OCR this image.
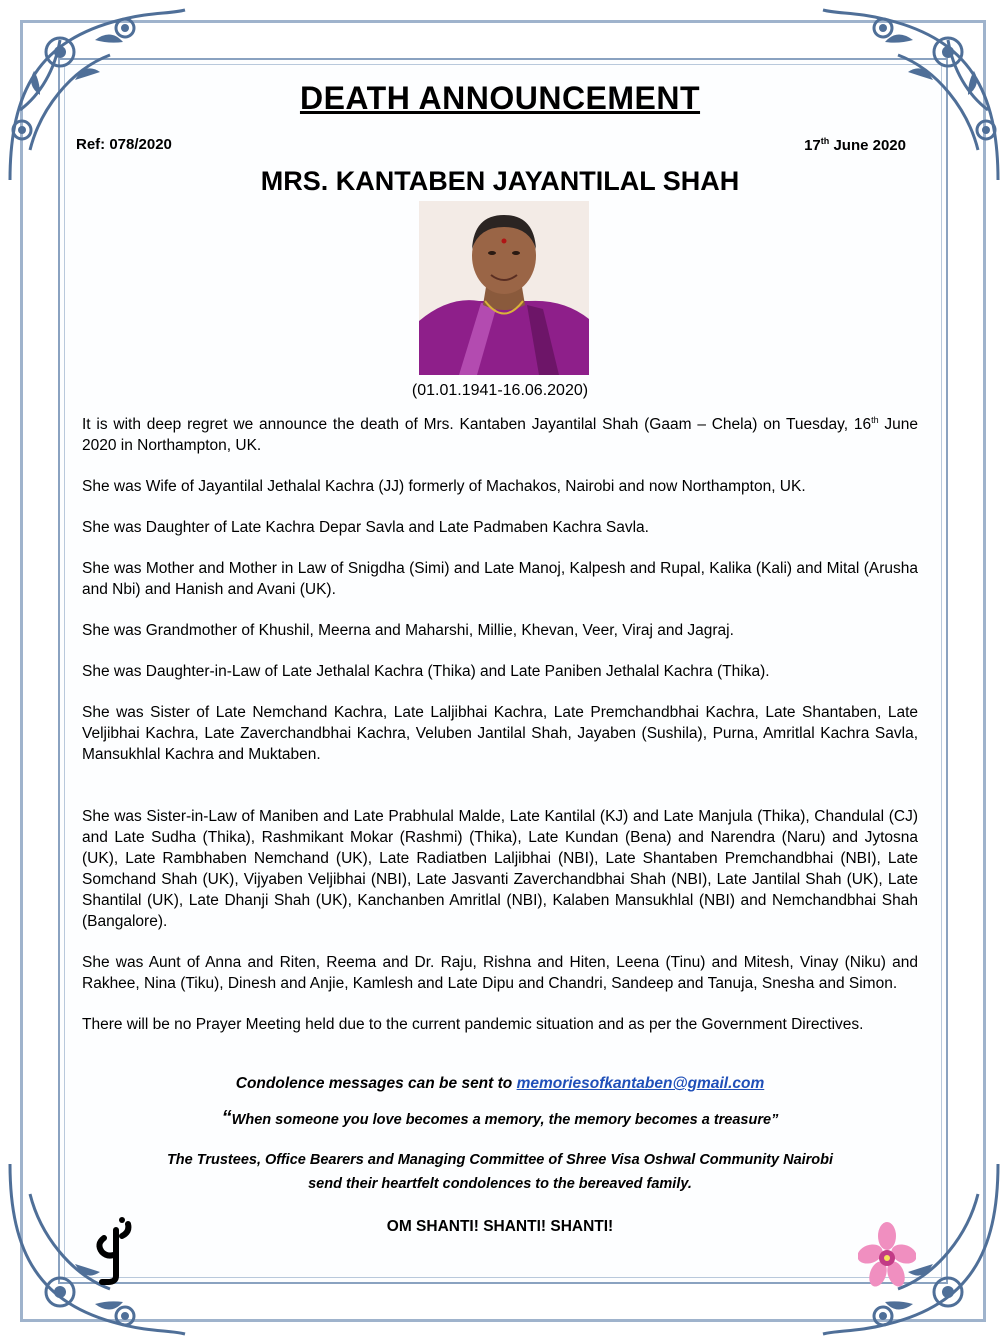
DEATH ANNOUNCEMENT
Ref: 078/2020	17th June 2020
MRS. KANTABEN JAYANTILAL SHAH
(01.01.1941-16.06.2020)

It is with deep regret we announce the death of Mrs. Kantaben Jayantilal Shah (Gaam – Chela) on Tuesday, 16th June 2020 in Northampton, UK.

She was Wife of Jayantilal Jethalal Kachra (JJ) formerly of Machakos, Nairobi and now Northampton, UK.

She was Daughter of Late Kachra Depar Savla and Late Padmaben Kachra Savla.

She was Mother and Mother in Law of Snigdha (Simi) and Late Manoj, Kalpesh and Rupal, Kalika (Kali) and Mital (Arusha and Nbi) and Hanish and Avani (UK).

She was Grandmother of Khushil, Meerna and Maharshi, Millie, Khevan, Veer, Viraj and Jagraj.

She was Daughter-in-Law of Late Jethalal Kachra (Thika) and Late Paniben Jethalal Kachra (Thika).

She was Sister of Late Nemchand Kachra, Late Laljibhai Kachra, Late Premchandbhai Kachra, Late Shantaben, Late Veljibhai Kachra, Late Zaverchandbhai Kachra, Veluben Jantilal Shah, Jayaben (Sushila), Purna, Amritlal Kachra Savla, Mansukhlal Kachra and Muktaben.

She was Sister-in-Law of Maniben and Late Prabhulal Malde, Late Kantilal (KJ) and Late Manjula (Thika), Chandulal (CJ) and Late Sudha (Thika), Rashmikant Mokar (Rashmi) (Thika), Late Kundan (Bena) and Narendra (Naru) and Jytosna (UK), Late Rambhaben Nemchand (UK), Late Radiatben Laljibhai (NBI), Late Shantaben Premchandbhai (NBI), Late Somchand Shah (UK), Vijyaben Veljibhai (NBI), Late Jasvanti Zaverchandbhai Shah (NBI), Late Jantilal Shah (UK), Late Shantilal (UK), Late Dhanji Shah (UK), Kanchanben Amritlal (NBI), Kalaben Mansukhlal (NBI) and Nemchandbhai Shah (Bangalore).

She was Aunt of Anna and Riten, Reema and Dr. Raju, Rishna and Hiten, Leena (Tinu) and Mitesh, Vinay (Niku) and Rakhee, Nina (Tiku), Dinesh and Anjie, Kamlesh and Late Dipu and Chandri, Sandeep and Tanuja, Snesha and Simon.

There will be no Prayer Meeting held due to the current pandemic situation and as per the Government Directives.

Condolence messages can be sent to memoriesofkantaben@gmail.com
“When someone you love becomes a memory, the memory becomes a treasure”
The Trustees, Office Bearers and Managing Committee of Shree Visa Oshwal Community Nairobi
send their heartfelt condolences to the bereaved family.
OM SHANTI! SHANTI! SHANTI!
